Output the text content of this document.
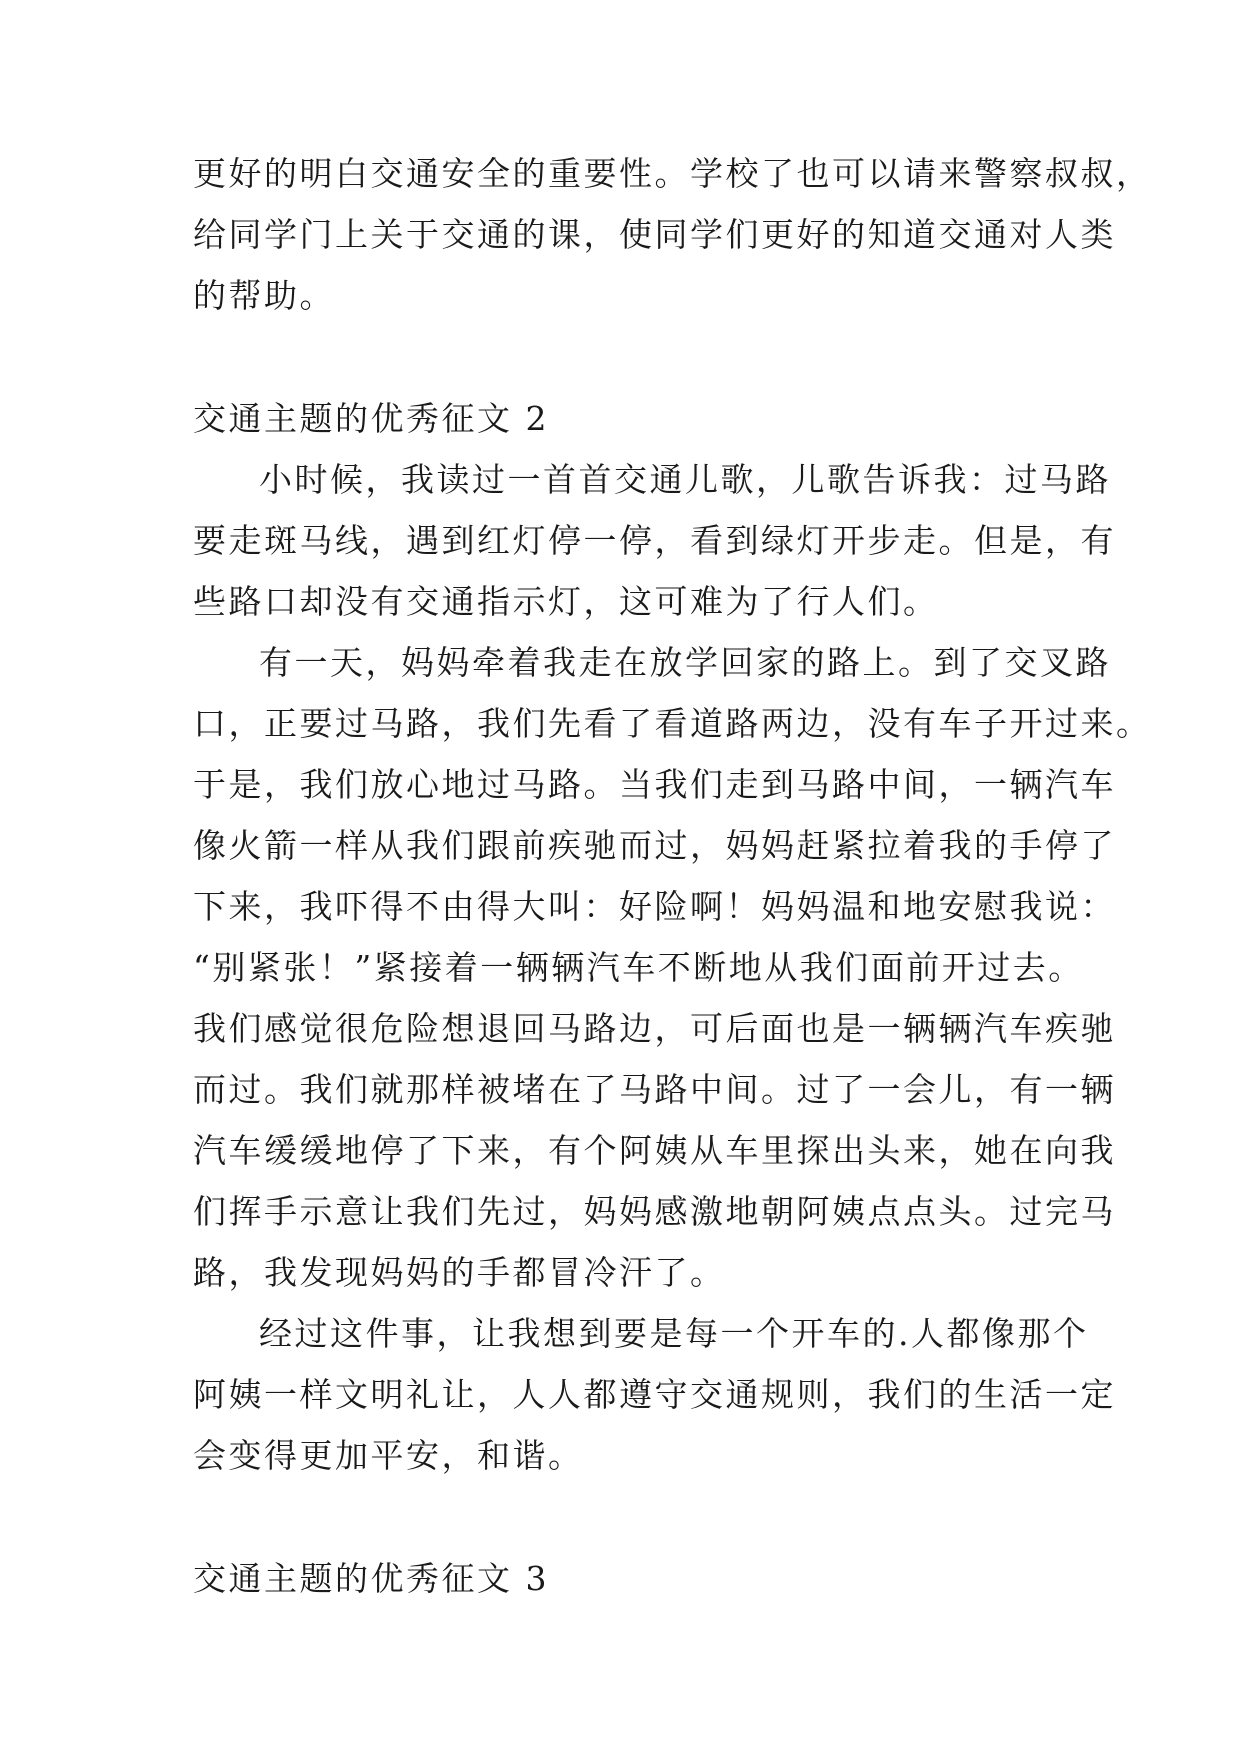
更好的明白交通安全的重要性。学校了也可以请来警察叔叔，
给同学门上关于交通的课，使同学们更好的知道交通对人类
的帮助。
交通主题的优秀征文 2
小时候，我读过一首首交通儿歌，儿歌告诉我：过马路
要走斑马线，遇到红灯停一停，看到绿灯开步走。但是，有
些路口却没有交通指示灯，这可难为了行人们。
有一天，妈妈牵着我走在放学回家的路上。到了交叉路
口，正要过马路，我们先看了看道路两边，没有车子开过来。
于是，我们放心地过马路。当我们走到马路中间，一辆汽车
像火箭一样从我们跟前疾驰而过，妈妈赶紧拉着我的手停了
下来，我吓得不由得大叫：好险啊！妈妈温和地安慰我说：
“别紧张！”紧接着一辆辆汽车不断地从我们面前开过去。
我们感觉很危险想退回马路边，可后面也是一辆辆汽车疾驰
而过。我们就那样被堵在了马路中间。过了一会儿，有一辆
汽车缓缓地停了下来，有个阿姨从车里探出头来，她在向我
们挥手示意让我们先过，妈妈感激地朝阿姨点点头。过完马
路，我发现妈妈的手都冒冷汗了。
经过这件事，让我想到要是每一个开车的.人都像那个
阿姨一样文明礼让，人人都遵守交通规则，我们的生活一定
会变得更加平安，和谐。
交通主题的优秀征文 3
